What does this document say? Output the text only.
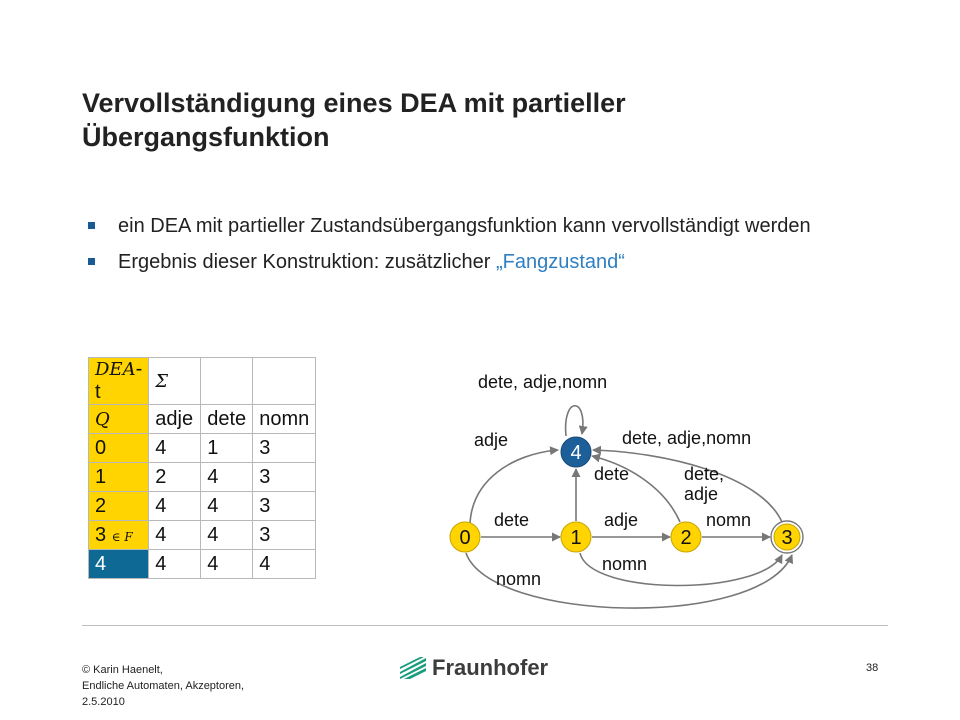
Vervollständigung eines DEA mit partieller Übergangsfunktion
ein DEA mit partieller Zustandsübergangsfunktion kann vervollständigt werden
Ergebnis dieser Konstruktion: zusätzlicher „Fangzustand“
DEA-t	Σ		
Q	adje	dete	nomn
0	4	1	3
1	2	4	3
2	4	4	3
3 ∈ F	4	4	3
4	4	4	4
0	1	2	3
4
dete, adje,nomn
adje	dete, adje,nomn
dete	dete,
adje
dete	adje	nomn
nomn
nomn
© Karin Haenelt,
Endliche Automaten, Akzeptoren,
2.5.2010
Fraunhofer	38
